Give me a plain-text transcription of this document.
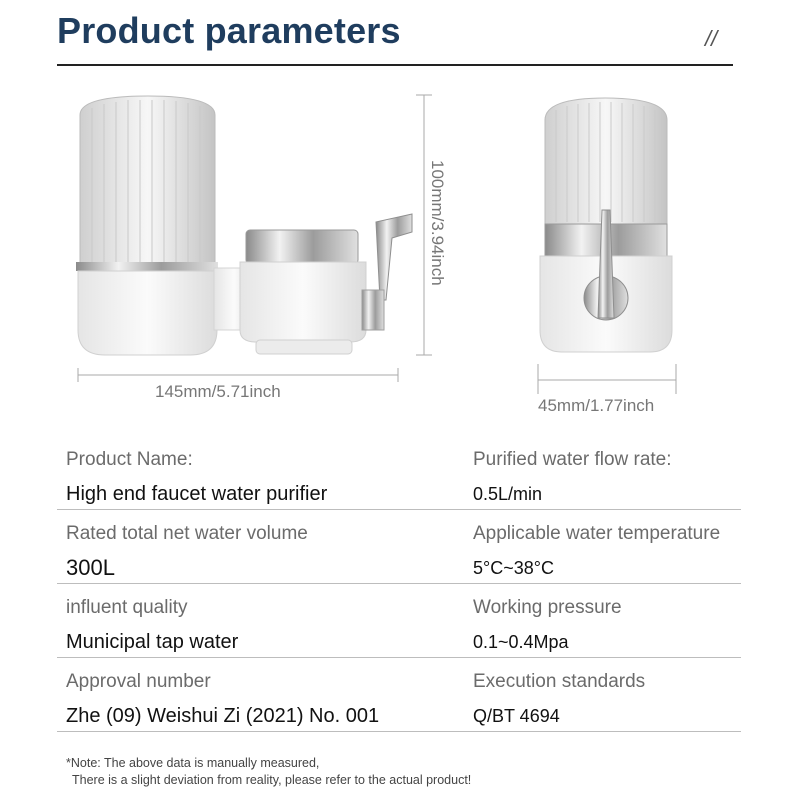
Product parameters	//
100mm/3.94inch
145mm/5.71inch
45mm/1.77inch
Product Name:
High end faucet water purifier
Purified water flow rate:
0.5L/min
Rated total net water volume
300L
Applicable water temperature
5°C~38°C
influent quality
Municipal tap water
Working pressure
0.1~0.4Mpa
Approval number
Zhe (09) Weishui Zi (2021) No. 001
Execution standards
Q/BT 4694
*Note: The above data is manually measured,
There is a slight deviation from reality, please refer to the actual product!
